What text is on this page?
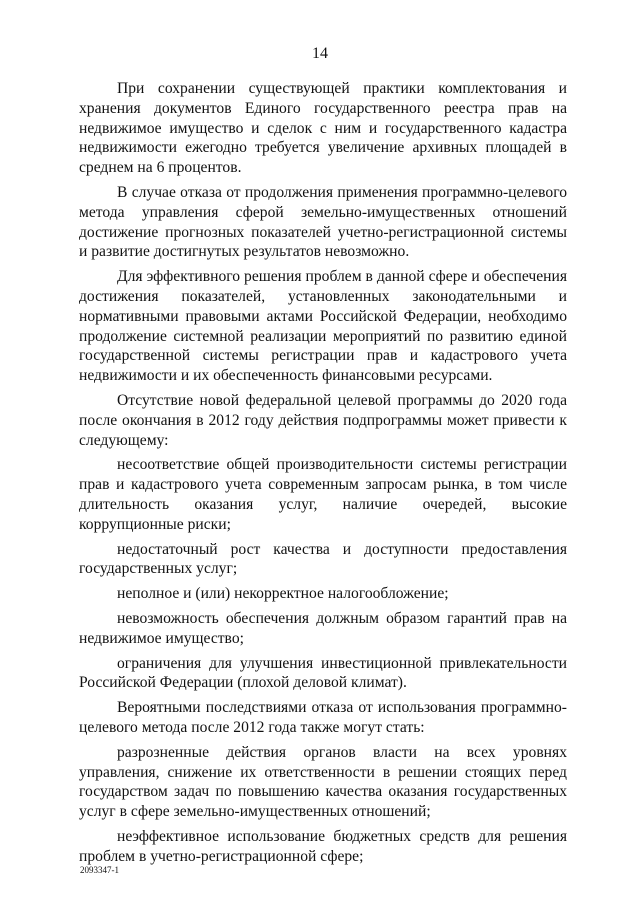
14

При сохранении существующей практики комплектования и хранения документов Единого государственного реестра прав на недвижимое имущество и сделок с ним и государственного кадастра недвижимости ежегодно требуется увеличение архивных площадей в среднем на 6 процентов.

В случае отказа от продолжения применения программно-целевого метода управления сферой земельно-имущественных отношений достижение прогнозных показателей учетно-регистрационной системы и развитие достигнутых результатов невозможно.

Для эффективного решения проблем в данной сфере и обеспечения достижения показателей, установленных законодательными и нормативными правовыми актами Российской Федерации, необходимо продолжение системной реализации мероприятий по развитию единой государственной системы регистрации прав и кадастрового учета недвижимости и их обеспеченность финансовыми ресурсами.

Отсутствие новой федеральной целевой программы до 2020 года после окончания в 2012 году действия подпрограммы может привести к следующему:

несоответствие общей производительности системы регистрации прав и кадастрового учета современным запросам рынка, в том числе длительность оказания услуг, наличие очередей, высокие коррупционные риски;

недостаточный рост качества и доступности предоставления государственных услуг;

неполное и (или) некорректное налогообложение;

невозможность обеспечения должным образом гарантий прав на недвижимое имущество;

ограничения для улучшения инвестиционной привлекательности Российской Федерации (плохой деловой климат).

Вероятными последствиями отказа от использования программно-целевого метода после 2012 года также могут стать:

разрозненные действия органов власти на всех уровнях управления, снижение их ответственности в решении стоящих перед государством задач по повышению качества оказания государственных услуг в сфере земельно-имущественных отношений;

неэффективное использование бюджетных средств для решения проблем в учетно-регистрационной сфере;

2093347-1
